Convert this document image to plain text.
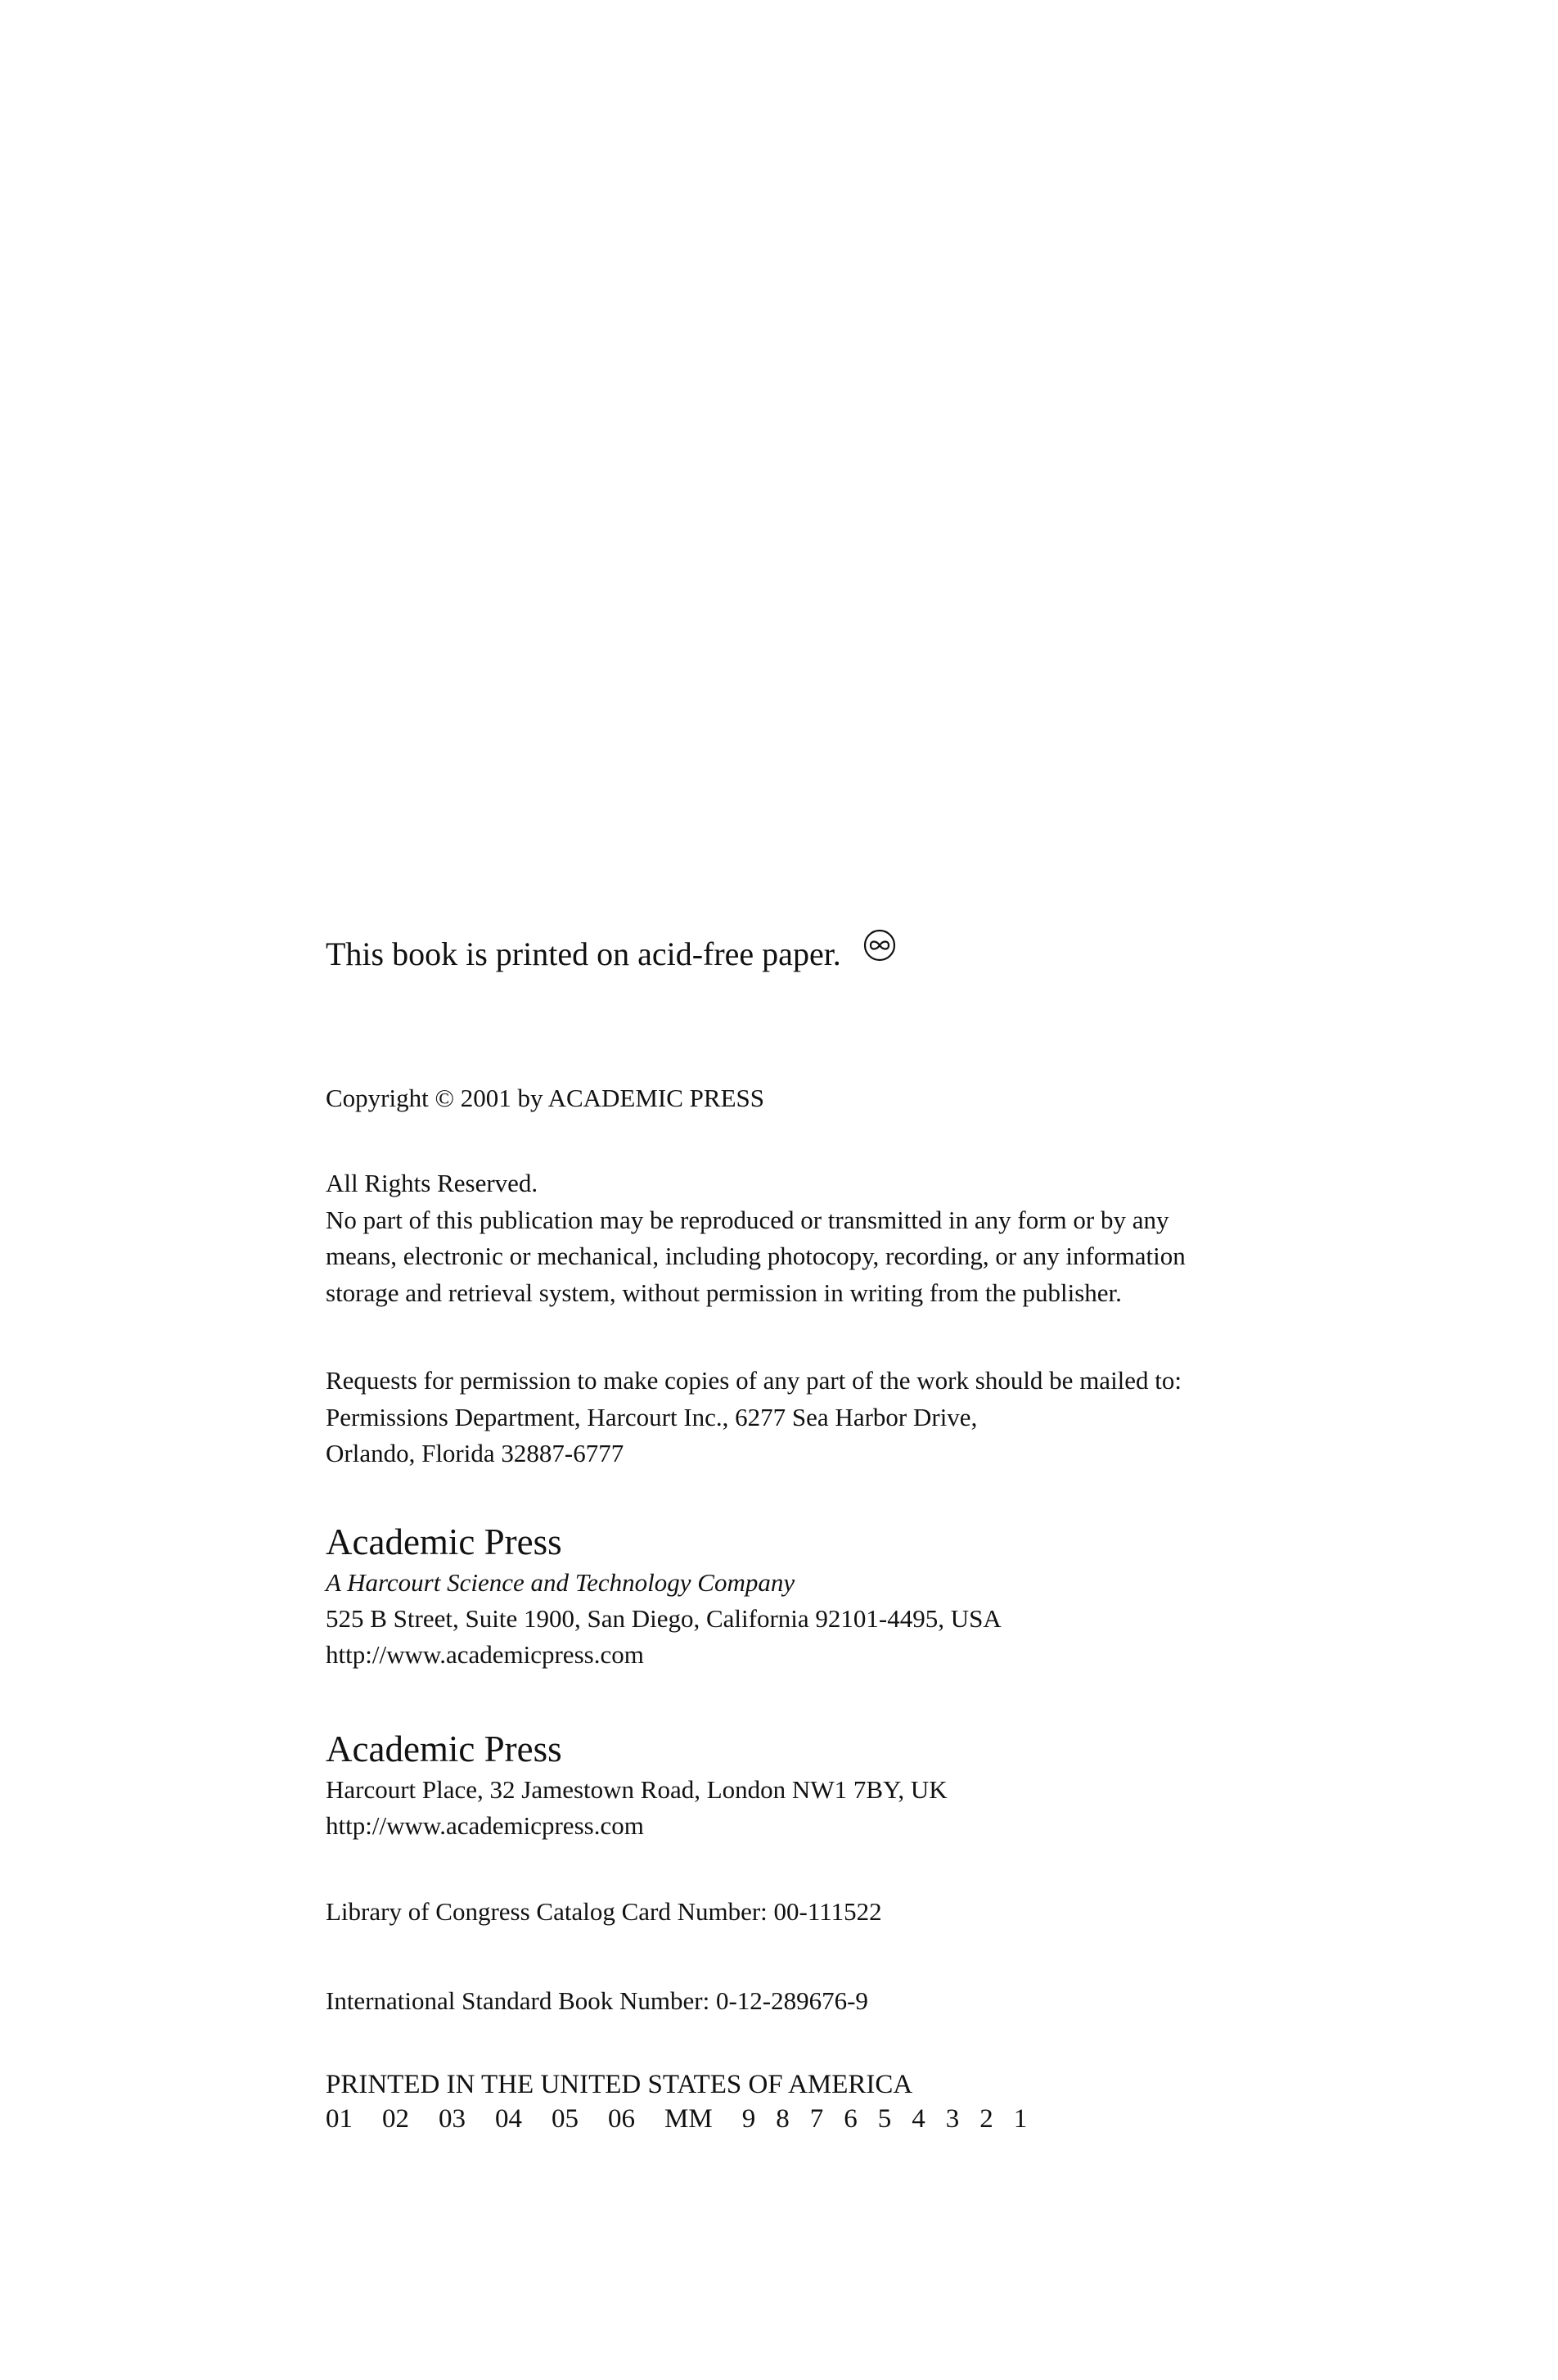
This book is printed on acid-free paper.
Copyright © 2001 by ACADEMIC PRESS
All Rights Reserved.
No part of this publication may be reproduced or transmitted in any form or by any
means, electronic or mechanical, including photocopy, recording, or any information
storage and retrieval system, without permission in writing from the publisher.
Requests for permission to make copies of any part of the work should be mailed to:
Permissions Department, Harcourt Inc., 6277 Sea Harbor Drive,
Orlando, Florida 32887-6777
Academic Press
A Harcourt Science and Technology Company
525 B Street, Suite 1900, San Diego, California 92101-4495, USA
http://www.academicpress.com
Academic Press
Harcourt Place, 32 Jamestown Road, London NW1 7BY, UK
http://www.academicpress.com
Library of Congress Catalog Card Number: 00-111522
International Standard Book Number: 0-12-289676-9
PRINTED IN THE UNITED STATES OF AMERICA
01 02 03 04 05 06 MM 9 8 7 6 5 4 3 2 1
